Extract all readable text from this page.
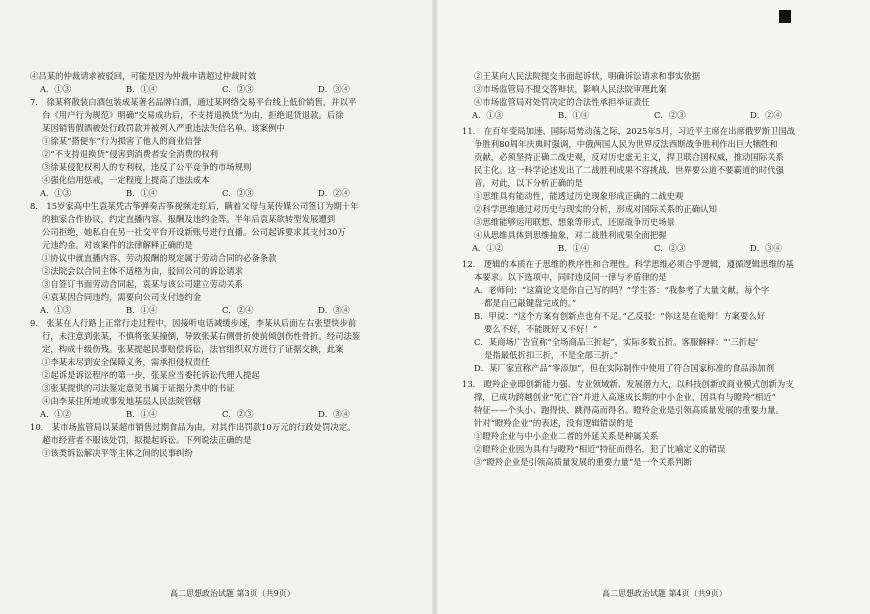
④吕某的仲裁请求被驳回，可能是因为仲裁申请超过仲裁时效
A．①③	B．①④	C．②③	D．③④
7． 徐某将散装白酒包装成某著名品牌白酒，通过某网络交易平台线上低价销售，并以平
台《用户行为规范》明确“交易成功后，不支持退换货”为由，拒绝退货退款。后徐
某因销售假酒被处行政罚款并被列入严重违法失信名单。该案例中
①徐某“搭便车”行为损害了他人的商业信誉
②“不支持退换货”侵害到消费者安全消费的权利
③徐某侵犯权利人的专利权，违反了公平竞争的市场规则
④强化信用惩戒，一定程度上提高了违法成本
A．①③	B．①④	C．②③	D．②④
8． 15岁家高中生袁某凭古筝弹奏古筝视频走红后，瞒着父母与某传媒公司签订为期十年
的独家合作协议，约定直播内容、报酬及违约金等。半年后袁某欲转型发展遭到
公司拒绝，她私自在另一社交平台开设新账号进行直播。公司起诉要求其支付30万
元违约金。对该案件的法律解释正确的是
①协议中就直播内容、劳动报酬的规定属于劳动合同的必备条款
②法院会以合同主体不适格为由，驳回公司的诉讼请求
③自签订书面劳动合同起，袁某与该公司建立劳动关系
④袁某因合同违约，需要向公司支付违约金
A．①③	B．①④	C．②④	D．③④
9． 张某在人行路上正常行走过程中，因接听电话减缓步速，李某从后面左右张望快步前
行，未注意到张某，不慎将张某撞倒，导致张某右侧骨折使前倾创伤性骨折。经司法鉴
定，构成十级伤残。张某提起民事赔偿诉讼，法官组织双方进行了证据交换，此案
①李某未尽到安全保障义务，需承担侵权责任
②起诉是诉讼程序的第一步，张某应当委托诉讼代理人提起
③张某提供的司法鉴定意见书属于证据分类中的书证
④由李某住所地或事发地基层人民法院管辖
A．①②	B．①④	C．②③	D．③④
10． 某市场监管局以某超市销售过期食品为由，对其作出罚款10万元的行政处罚决定。
超市经营者不服该处罚，拟提起诉讼。下列说法正确的是
①该类诉讼解决平等主体之间的民事纠纷
高二思想政治试题 第3页（共9页）
②王某向人民法院提交书面起诉状，明确诉讼请求和事实依据
③市场监管局不提交答辩状，影响人民法院审理此案
④市场监管局对处罚决定的合法性承担举证责任
A．①③	B．①④	C．②③	D．②④
11． 在百年变局加速、国际局势动荡之际，2025年5月，习近平主席在出席俄罗斯卫国战
争胜利80周年庆典时强调，中俄两国人民为世界反法西斯战争胜利作出巨大牺牲和
贡献，必须坚持正确二战史观，反对历史虚无主义，捍卫联合国权威，推动国际关系
民主化。这一科学论述发出了二战胜利成果不容挑战、世界要公道不要霸道的时代强
音，对此，以下分析正确的是
①思维具有能动性，能透过历史现象形成正确的二战史观
②科学思维通过对历史与现实的分析，形成对国际关系的正确认知
③思维能够运用联想、想象等形式，还原战争历史场景
④从思维具体到思维抽象，对二战胜利成果全面把握
A．①②	B．①④	C．②③	D．③④
12． 逻辑的本质在于思维的秩序性和合理性。科学思维必须合乎逻辑，遵循逻辑思维的基
本要求。以下选项中，同时违反同一律与矛盾律的是
A．老师问：“这篇论文是你自己写的吗？”学生答：“我参考了大量文献，每个字
都是自己敲键盘完成的。”
B．甲说：“这个方案有创新点也有不足。”乙反驳：“你这是在诡辩！方案要么好
要么不好，不能既好又不好！”
C．某商场广告宣称“全场商品三折起”，实际多数五折。客服解释：“‘三折起’
是指最低折扣三折，不是全部三折。”
D．某厂家宣称产品“零添加”，但在实际制作中使用了符合国家标准的食品添加剂
13． 瞪羚企业即创新能力强、专业领域新、发展潜力大，以科技创新或商业模式创新为支
撑，已成功跨越创业“死亡谷”并进入高速成长期的中小企业，因具有与瞪羚“相近”
特征——个头小、跑得快、跳得高而得名。瞪羚企业是引领高质量发展的重要力量。
针对“瞪羚企业”的表述，没有逻辑错误的是
①瞪羚企业与中小企业二者的外延关系是种属关系
②瞪羚企业因为具有与瞪羚“相近”特征而得名，犯了比喻定义的错误
③“瞪羚企业是引领高质量发展的重要力量”是一个关系判断
高二思想政治试题 第4页（共9页）
